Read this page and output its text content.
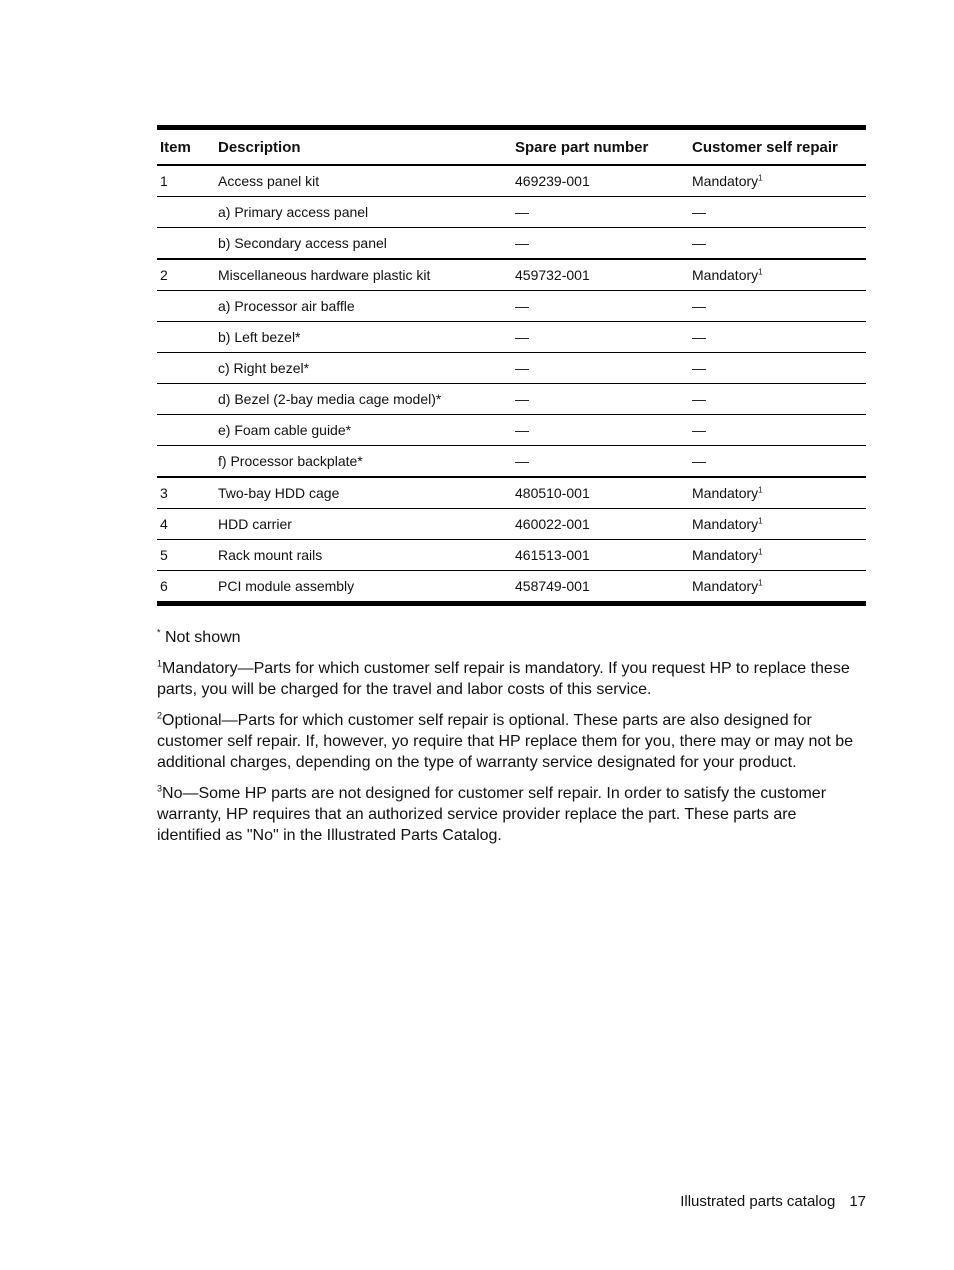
Item	Description	Spare part number	Customer self repair
1	Access panel kit	469239-001	Mandatory$^1$
	a) Primary access panel	—	—
	b) Secondary access panel	—	—
2	Miscellaneous hardware plastic kit	459732-001	Mandatory$^1$
	a) Processor air baffle	—	—
	b) Left bezel*	—	—
	c) Right bezel*	—	—
	d) Bezel (2-bay media cage model)*	—	—
	e) Foam cable guide*	—	—
	f) Processor backplate*	—	—
3	Two-bay HDD cage	480510-001	Mandatory$^1$
4	HDD carrier	460022-001	Mandatory$^1$
5	Rack mount rails	461513-001	Mandatory$^1$
6	PCI module assembly	458749-001	Mandatory$^1$

* Not shown

$^1$Mandatory—Parts for which customer self repair is mandatory. If you request HP to replace these parts, you will be charged for the travel and labor costs of this service.

$^2$Optional—Parts for which customer self repair is optional. These parts are also designed for customer self repair. If, however, yo require that HP replace them for you, there may or may not be additional charges, depending on the type of warranty service designated for your product.

$^3$No—Some HP parts are not designed for customer self repair. In order to satisfy the customer warranty, HP requires that an authorized service provider replace the part. These parts are identified as "No" in the Illustrated Parts Catalog.

Illustrated parts catalog 17
